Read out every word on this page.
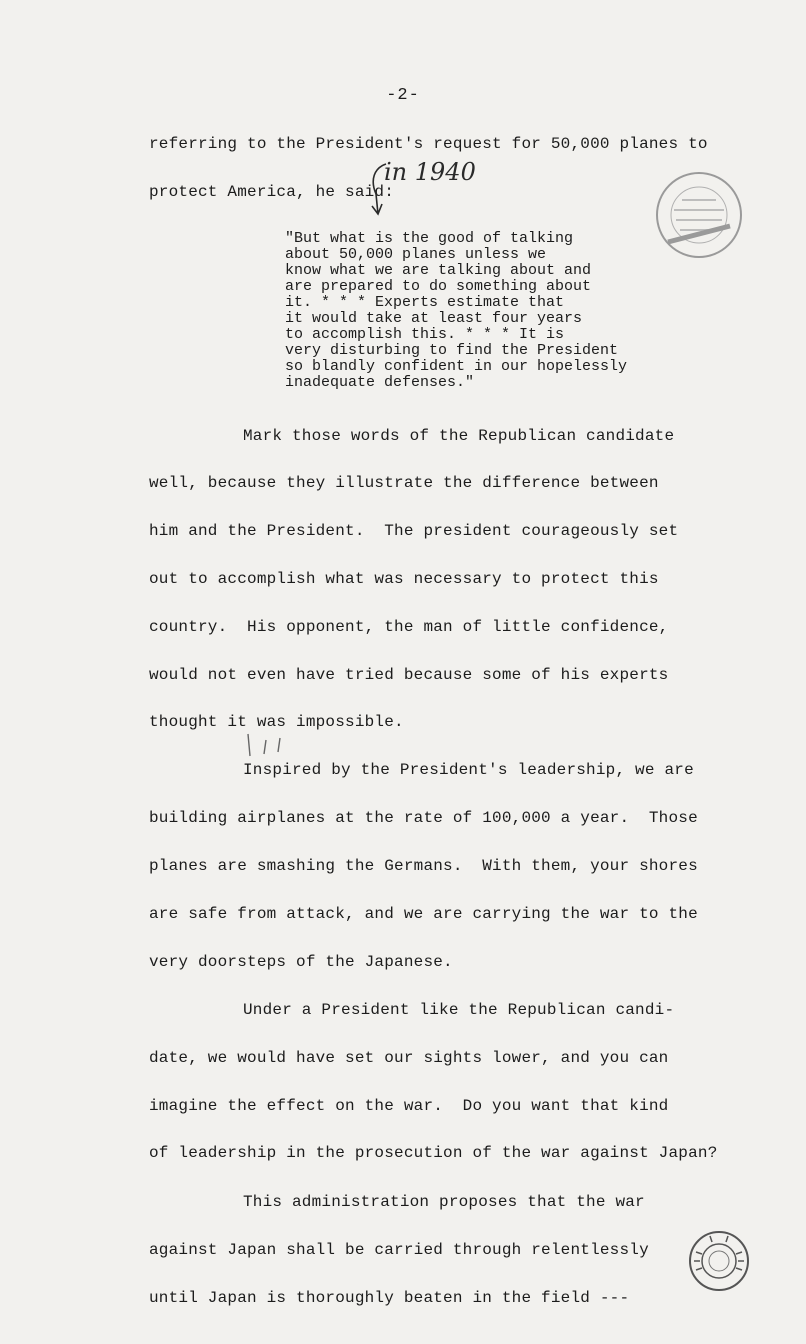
-2-
referring to the President's request for 50,000 planes to
protect America, he said:
in 1940
"But what is the good of talking
about 50,000 planes unless we
know what we are talking about and
are prepared to do something about
it. * * * Experts estimate that
it would take at least four years
to accomplish this. * * * It is
very disturbing to find the President
so blandly confident in our hopelessly
inadequate defenses."
Mark those words of the Republican candidate
well, because they illustrate the difference between
him and the President.  The president courageously set
out to accomplish what was necessary to protect this
country.  His opponent, the man of little confidence,
would not even have tried because some of his experts
thought it was impossible.
Inspired by the President's leadership, we are
building airplanes at the rate of 100,000 a year.  Those
planes are smashing the Germans.  With them, your shores
are safe from attack, and we are carrying the war to the
very doorsteps of the Japanese.
Under a President like the Republican candi-
date, we would have set our sights lower, and you can
imagine the effect on the war.  Do you want that kind
of leadership in the prosecution of the war against Japan?
This administration proposes that the war
against Japan shall be carried through relentlessly
until Japan is thoroughly beaten in the field ---
